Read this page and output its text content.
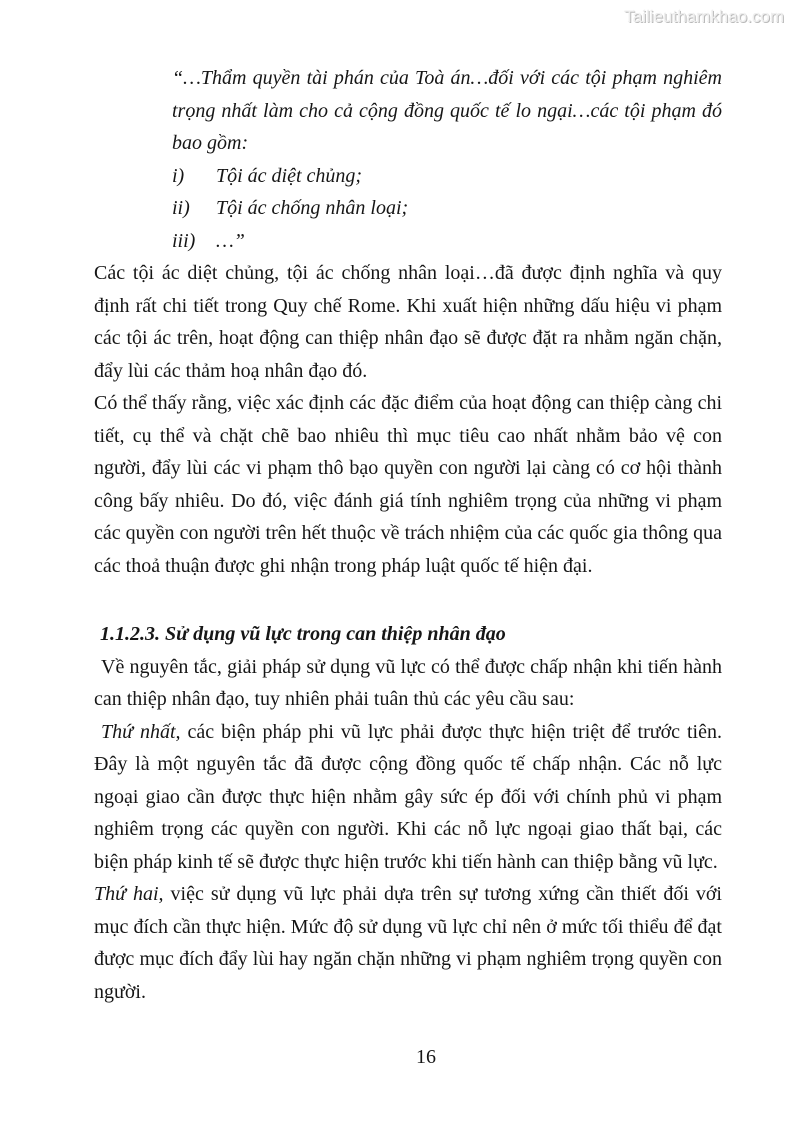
Tailieuthamkhao.com

“…Thẩm quyền tài phán của Toà án…đối với các tội phạm nghiêm trọng nhất làm cho cả cộng đồng quốc tế lo ngại…các tội phạm đó bao gồm:

i)	Tội ác diệt chủng;
ii)	Tội ác chống nhân loại;
iii)	…”

Các tội ác diệt chủng, tội ác chống nhân loại…đã được định nghĩa và quy định rất chi tiết trong Quy chế Rome. Khi xuất hiện những dấu hiệu vi phạm các tội ác trên, hoạt động can thiệp nhân đạo sẽ được đặt ra nhằm ngăn chặn, đẩy lùi các thảm hoạ nhân đạo đó.

Có thể thấy rằng, việc xác định các đặc điểm của hoạt động can thiệp càng chi tiết, cụ thể và chặt chẽ bao nhiêu thì mục tiêu cao nhất nhằm bảo vệ con người, đẩy lùi các vi phạm thô bạo quyền con người lại càng có cơ hội thành công bấy nhiêu. Do đó, việc đánh giá tính nghiêm trọng của những vi phạm các quyền con người trên hết thuộc về trách nhiệm của các quốc gia thông qua các thoả thuận được ghi nhận trong pháp luật quốc tế hiện đại.

1.1.2.3. Sử dụng vũ lực trong can thiệp nhân đạo

Về nguyên tắc, giải pháp sử dụng vũ lực có thể được chấp nhận khi tiến hành can thiệp nhân đạo, tuy nhiên phải tuân thủ các yêu cầu sau:

Thứ nhất, các biện pháp phi vũ lực phải được thực hiện triệt để trước tiên. Đây là một nguyên tắc đã được cộng đồng quốc tế chấp nhận. Các nỗ lực ngoại giao cần được thực hiện nhằm gây sức ép đối với chính phủ vi phạm nghiêm trọng các quyền con người. Khi các nỗ lực ngoại giao thất bại, các biện pháp kinh tế sẽ được thực hiện trước khi tiến hành can thiệp bằng vũ lực.

Thứ hai, việc sử dụng vũ lực phải dựa trên sự tương xứng cần thiết đối với mục đích cần thực hiện. Mức độ sử dụng vũ lực chỉ nên ở mức tối thiểu để đạt được mục đích đẩy lùi hay ngăn chặn những vi phạm nghiêm trọng quyền con người.

16
